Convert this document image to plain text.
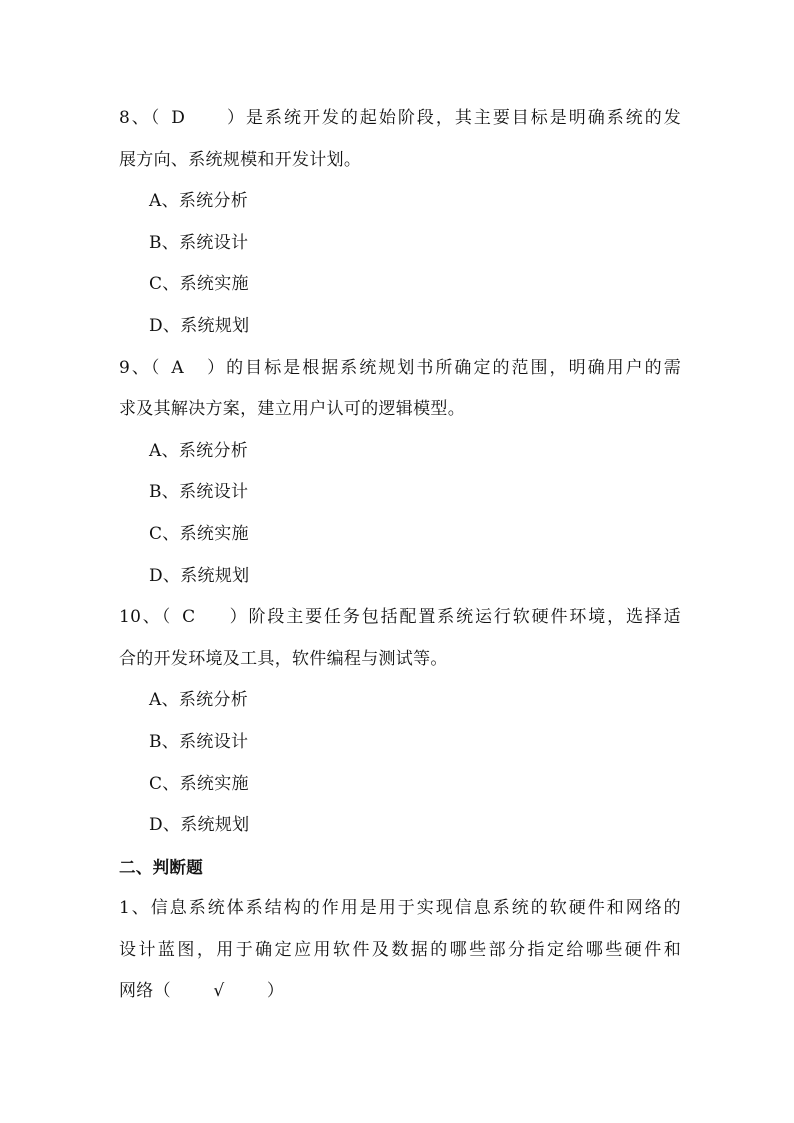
8、（ D ）是系统开发的起始阶段，其主要目标是明确系统的发
展方向、系统规模和开发计划。
A、系统分析
B、系统设计
C、系统实施
D、系统规划
9、（ A ）的目标是根据系统规划书所确定的范围，明确用户的需
求及其解决方案，建立用户认可的逻辑模型。
A、系统分析
B、系统设计
C、系统实施
D、系统规划
10、（ C ）阶段主要任务包括配置系统运行软硬件环境，选择适
合的开发环境及工具，软件编程与测试等。
A、系统分析
B、系统设计
C、系统实施
D、系统规划
二、判断题
1、信息系统体系结构的作用是用于实现信息系统的软硬件和网络的
设计蓝图，用于确定应用软件及数据的哪些部分指定给哪些硬件和
网络（ √ ）
